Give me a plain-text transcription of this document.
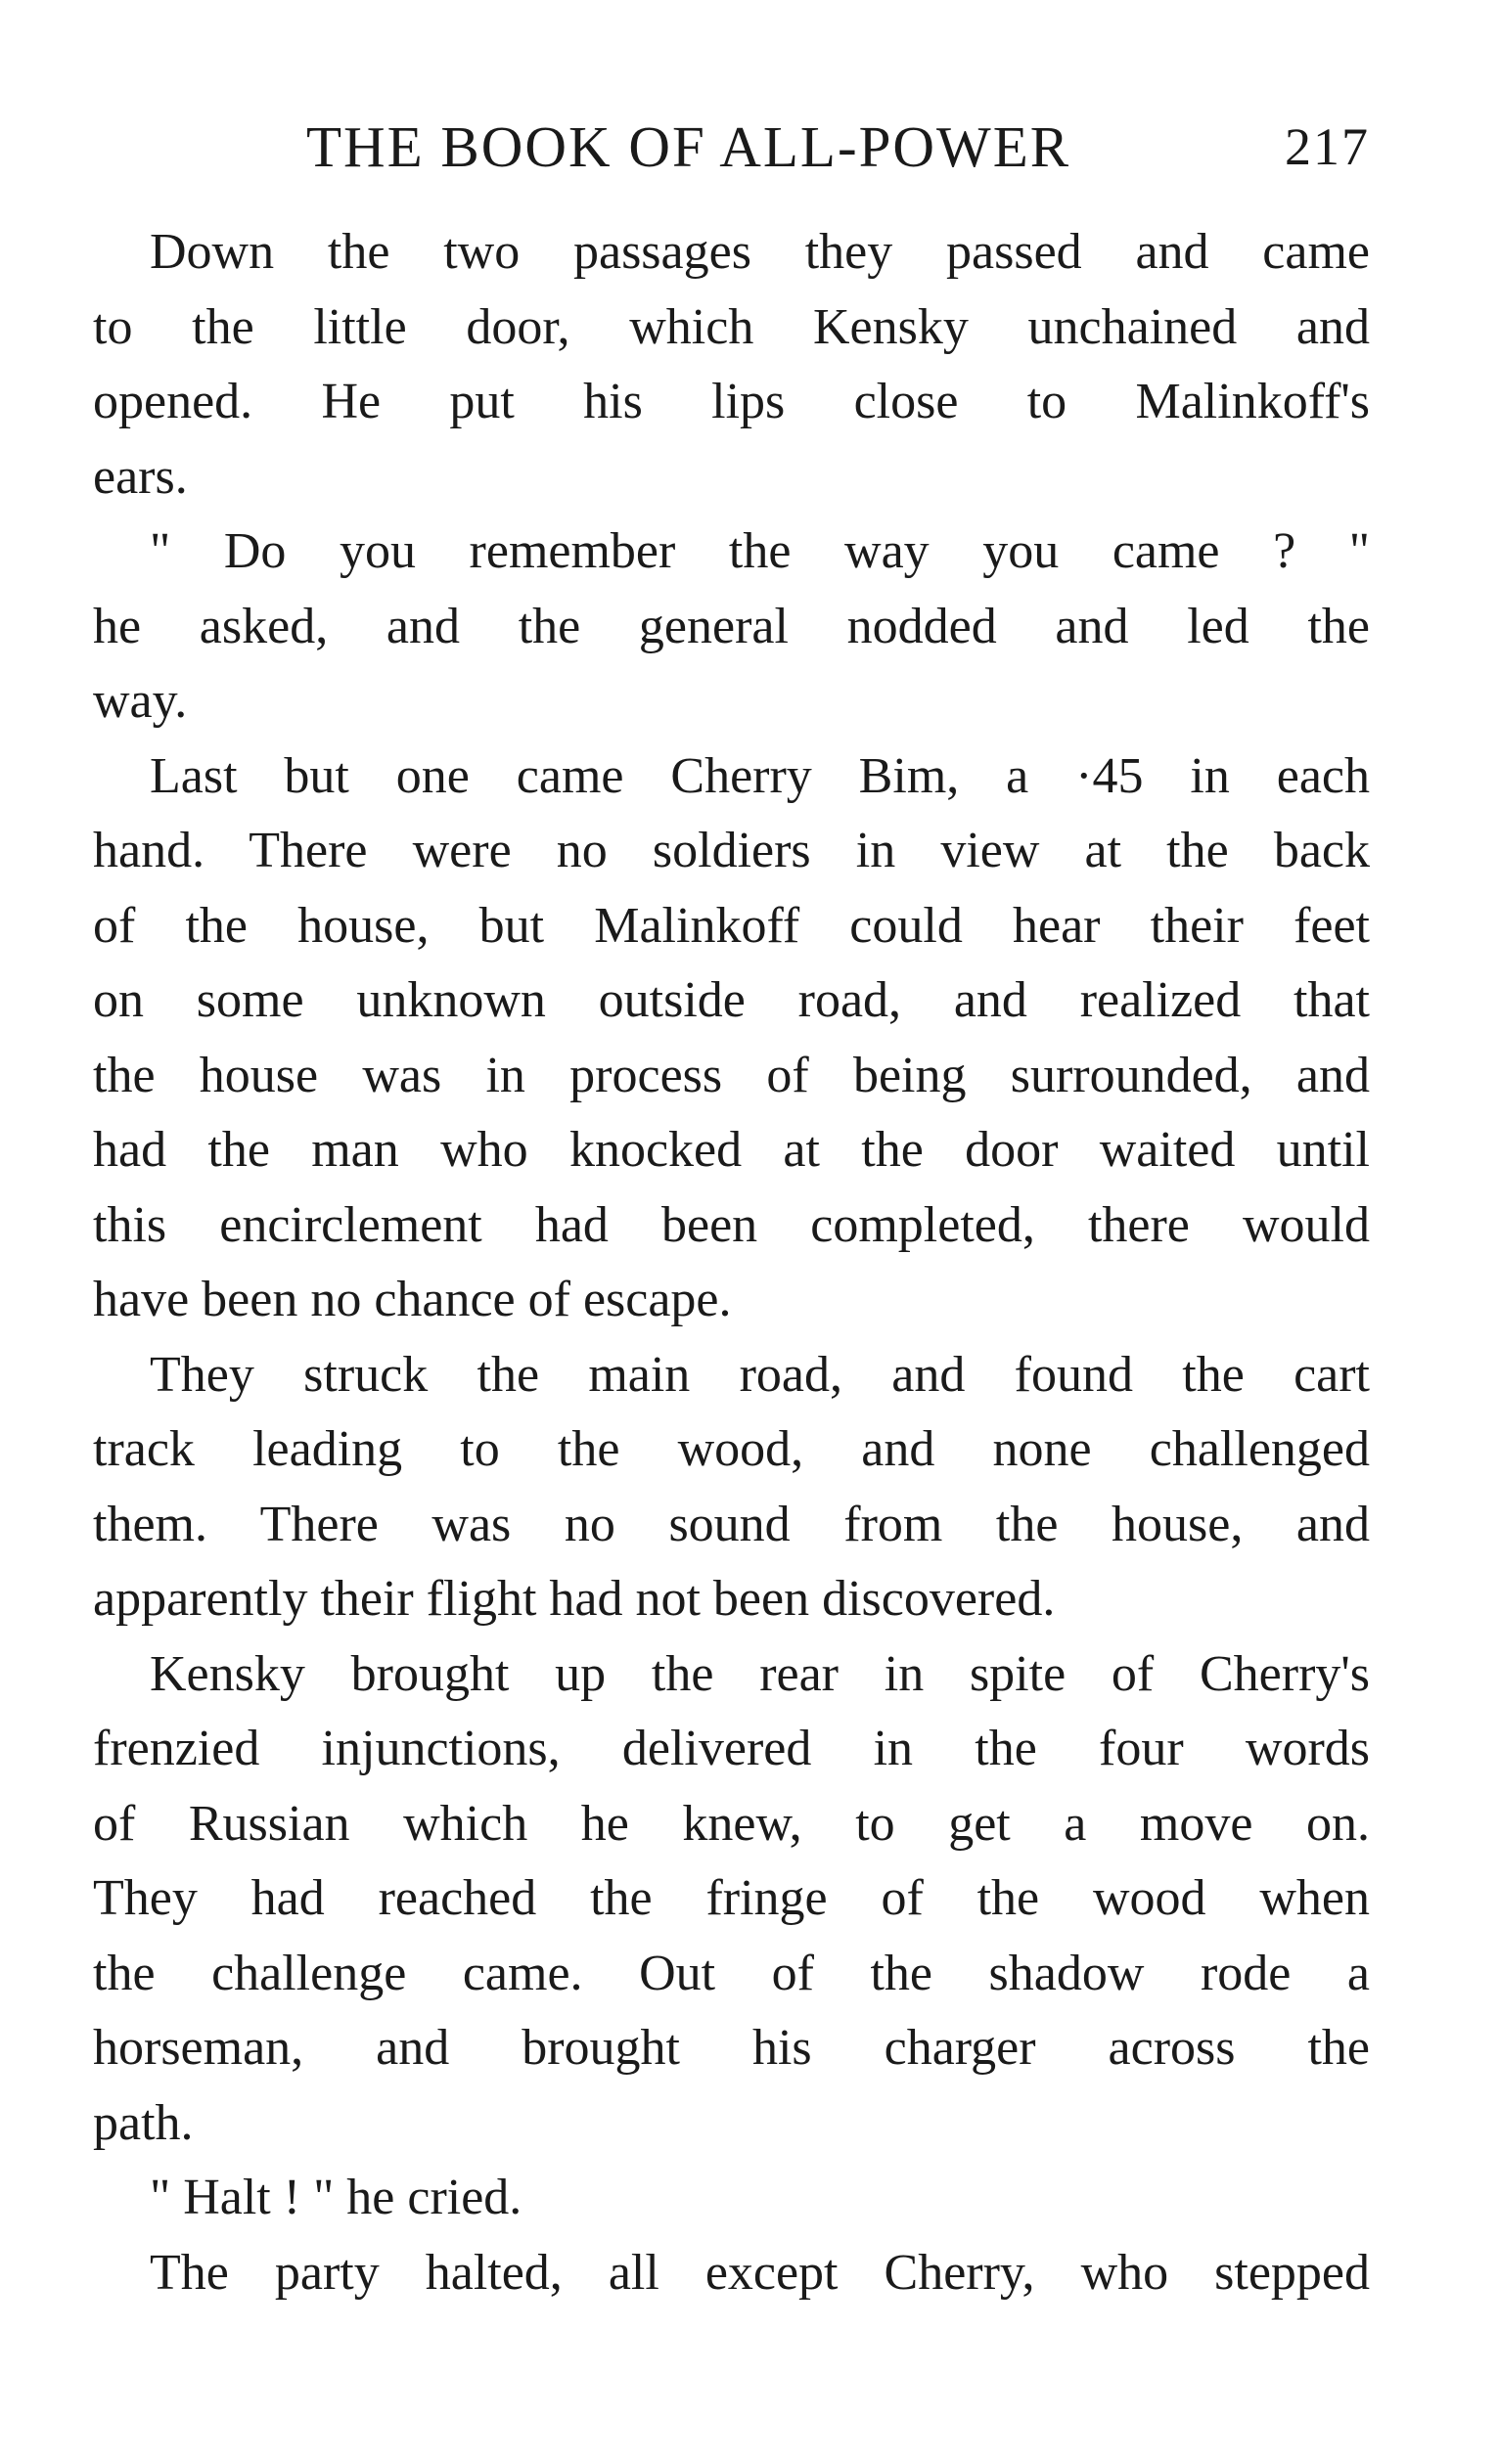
THE BOOK OF ALL-POWER	217
Down the two passages they passed and came
to the little door, which Kensky unchained and
opened. He put his lips close to Malinkoff's
ears.
" Do you remember the way you came ? "
he asked, and the general nodded and led the
way.
Last but one came Cherry Bim, a ·45 in each
hand. There were no soldiers in view at the back
of the house, but Malinkoff could hear their feet
on some unknown outside road, and realized that
the house was in process of being surrounded, and
had the man who knocked at the door waited until
this encirclement had been completed, there would
have been no chance of escape.
They struck the main road, and found the cart
track leading to the wood, and none challenged
them. There was no sound from the house, and
apparently their flight had not been discovered.
Kensky brought up the rear in spite of Cherry's
frenzied injunctions, delivered in the four words
of Russian which he knew, to get a move on.
They had reached the fringe of the wood when
the challenge came. Out of the shadow rode a
horseman, and brought his charger across the
path.
" Halt ! " he cried.
The party halted, all except Cherry, who stepped
